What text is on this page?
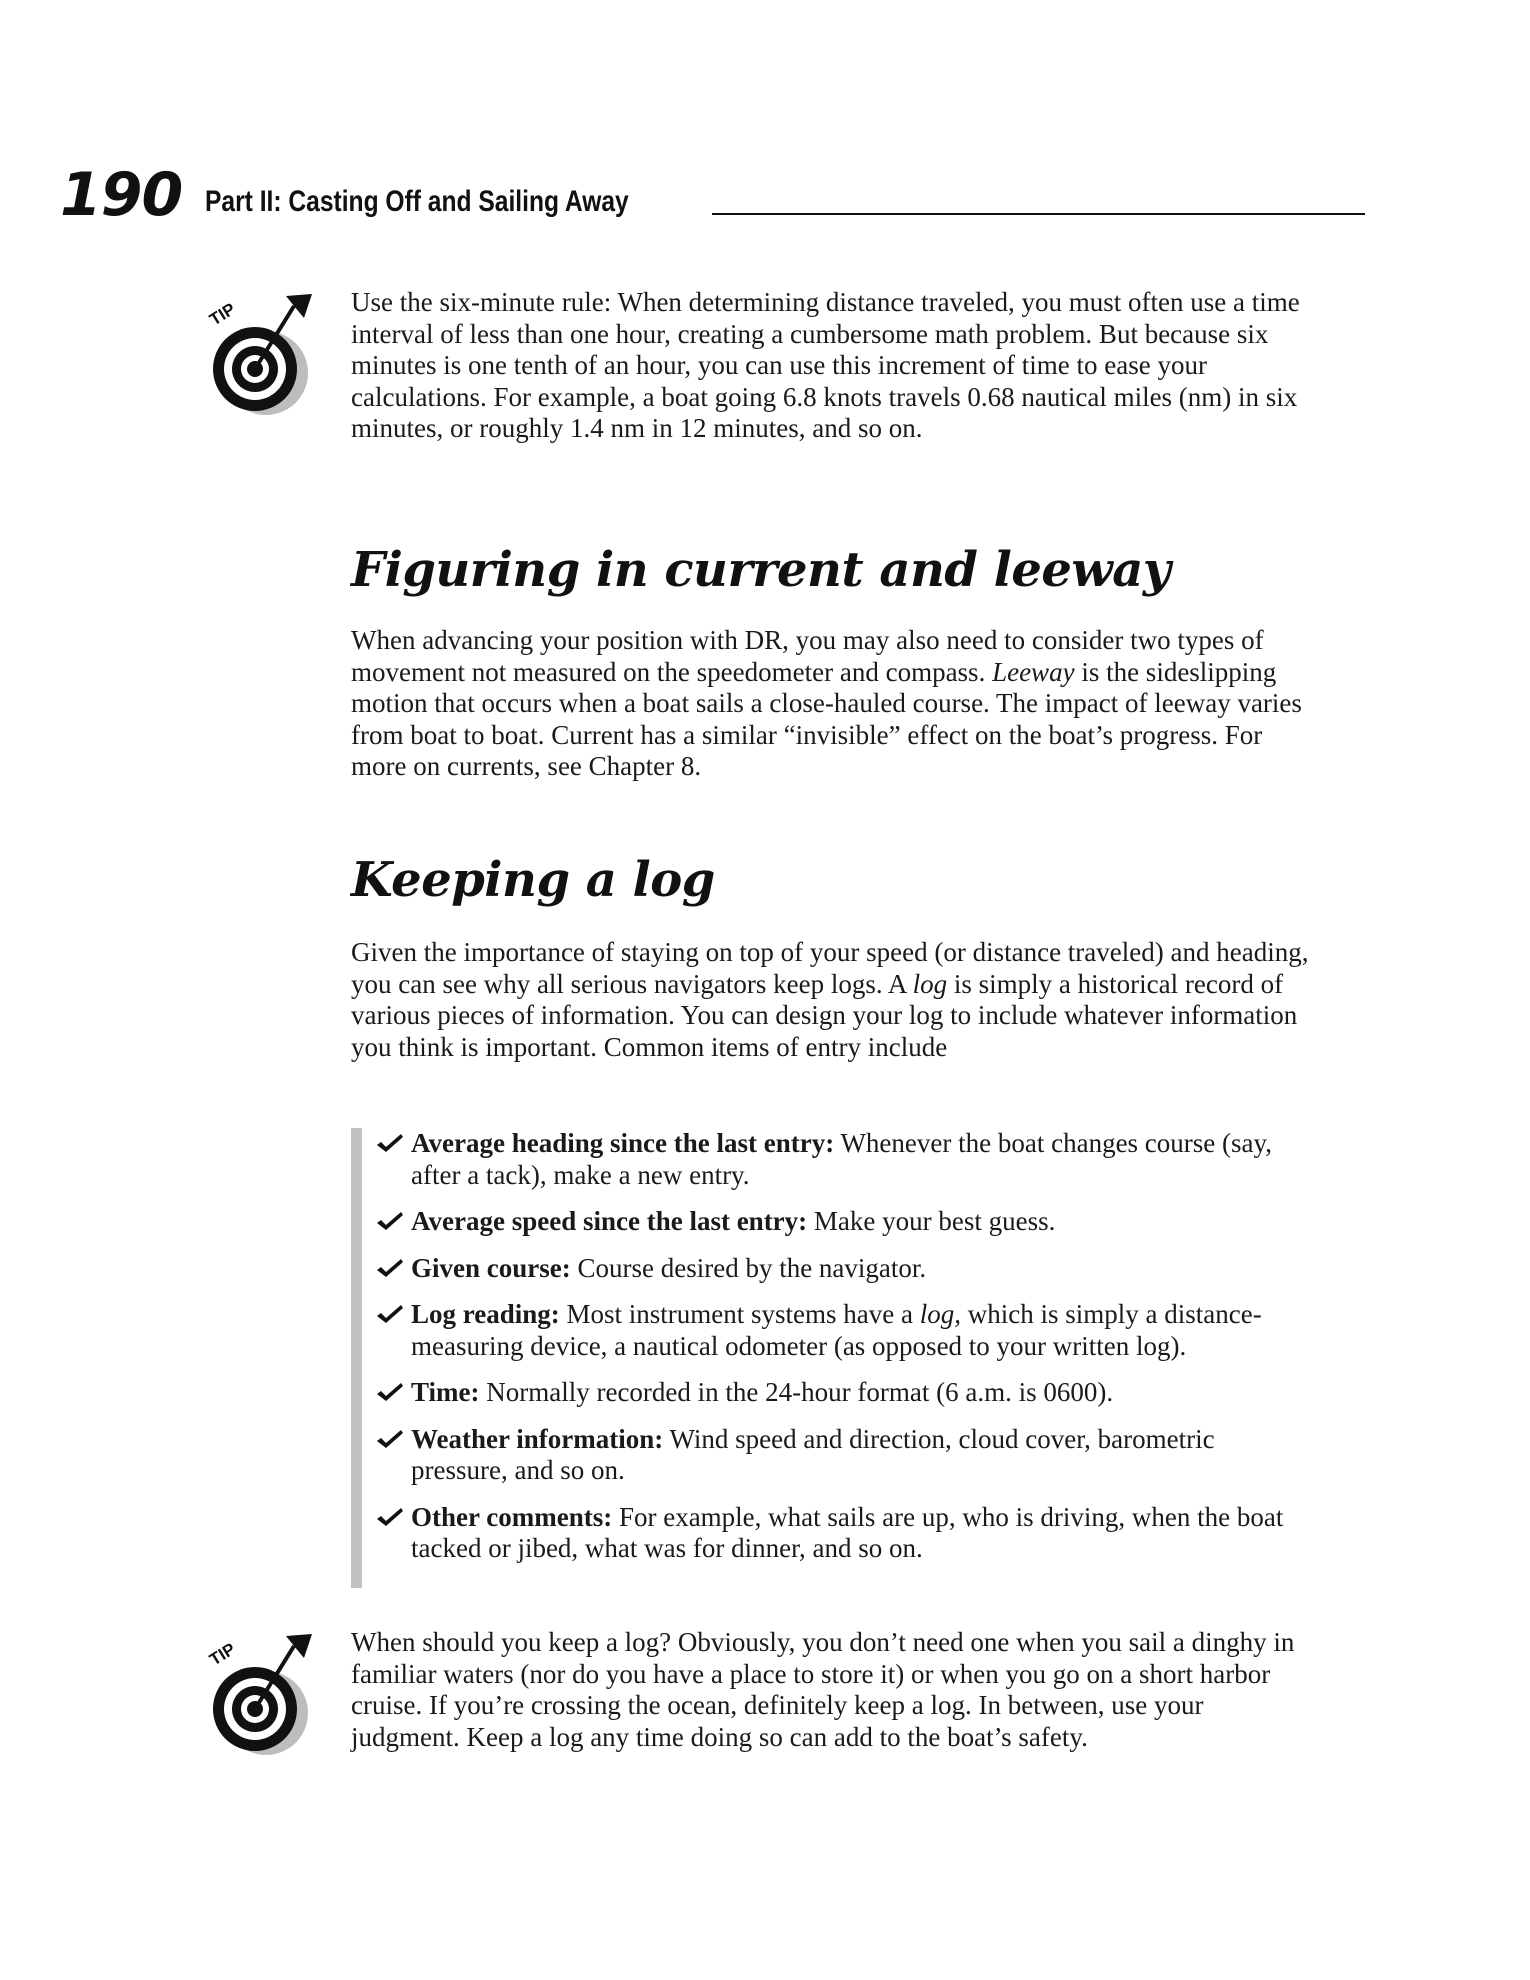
190 Part II: Casting Off and Sailing Away
TIP	Use the six-minute rule: When determining distance traveled, you must often use a time interval of less than one hour, creating a cumbersome math problem. But because six minutes is one tenth of an hour, you can use this increment of time to ease your calculations. For example, a boat going 6.8 knots travels 0.68 nautical miles (nm) in six minutes, or roughly 1.4 nm in 12 minutes, and so on.

Figuring in current and leeway

When advancing your position with DR, you may also need to consider two types of movement not measured on the speedometer and compass. Leeway is the sideslipping motion that occurs when a boat sails a close-hauled course. The impact of leeway varies from boat to boat. Current has a similar “invisible” effect on the boat’s progress. For more on currents, see Chapter 8.

Keeping a log

Given the importance of staying on top of your speed (or distance traveled) and heading, you can see why all serious navigators keep logs. A log is simply a historical record of various pieces of information. You can design your log to include whatever information you think is important. Common items of entry include

Average heading since the last entry: Whenever the boat changes course (say, after a tack), make a new entry.
Average speed since the last entry: Make your best guess.
Given course: Course desired by the navigator.
Log reading: Most instrument systems have a log, which is simply a distance-measuring device, a nautical odometer (as opposed to your written log).
Time: Normally recorded in the 24-hour format (6 a.m. is 0600).
Weather information: Wind speed and direction, cloud cover, barometric pressure, and so on.
Other comments: For example, what sails are up, who is driving, when the boat tacked or jibed, what was for dinner, and so on.
TIP	When should you keep a log? Obviously, you don’t need one when you sail a dinghy in familiar waters (nor do you have a place to store it) or when you go on a short harbor cruise. If you’re crossing the ocean, definitely keep a log. In between, use your judgment. Keep a log any time doing so can add to the boat’s safety.
